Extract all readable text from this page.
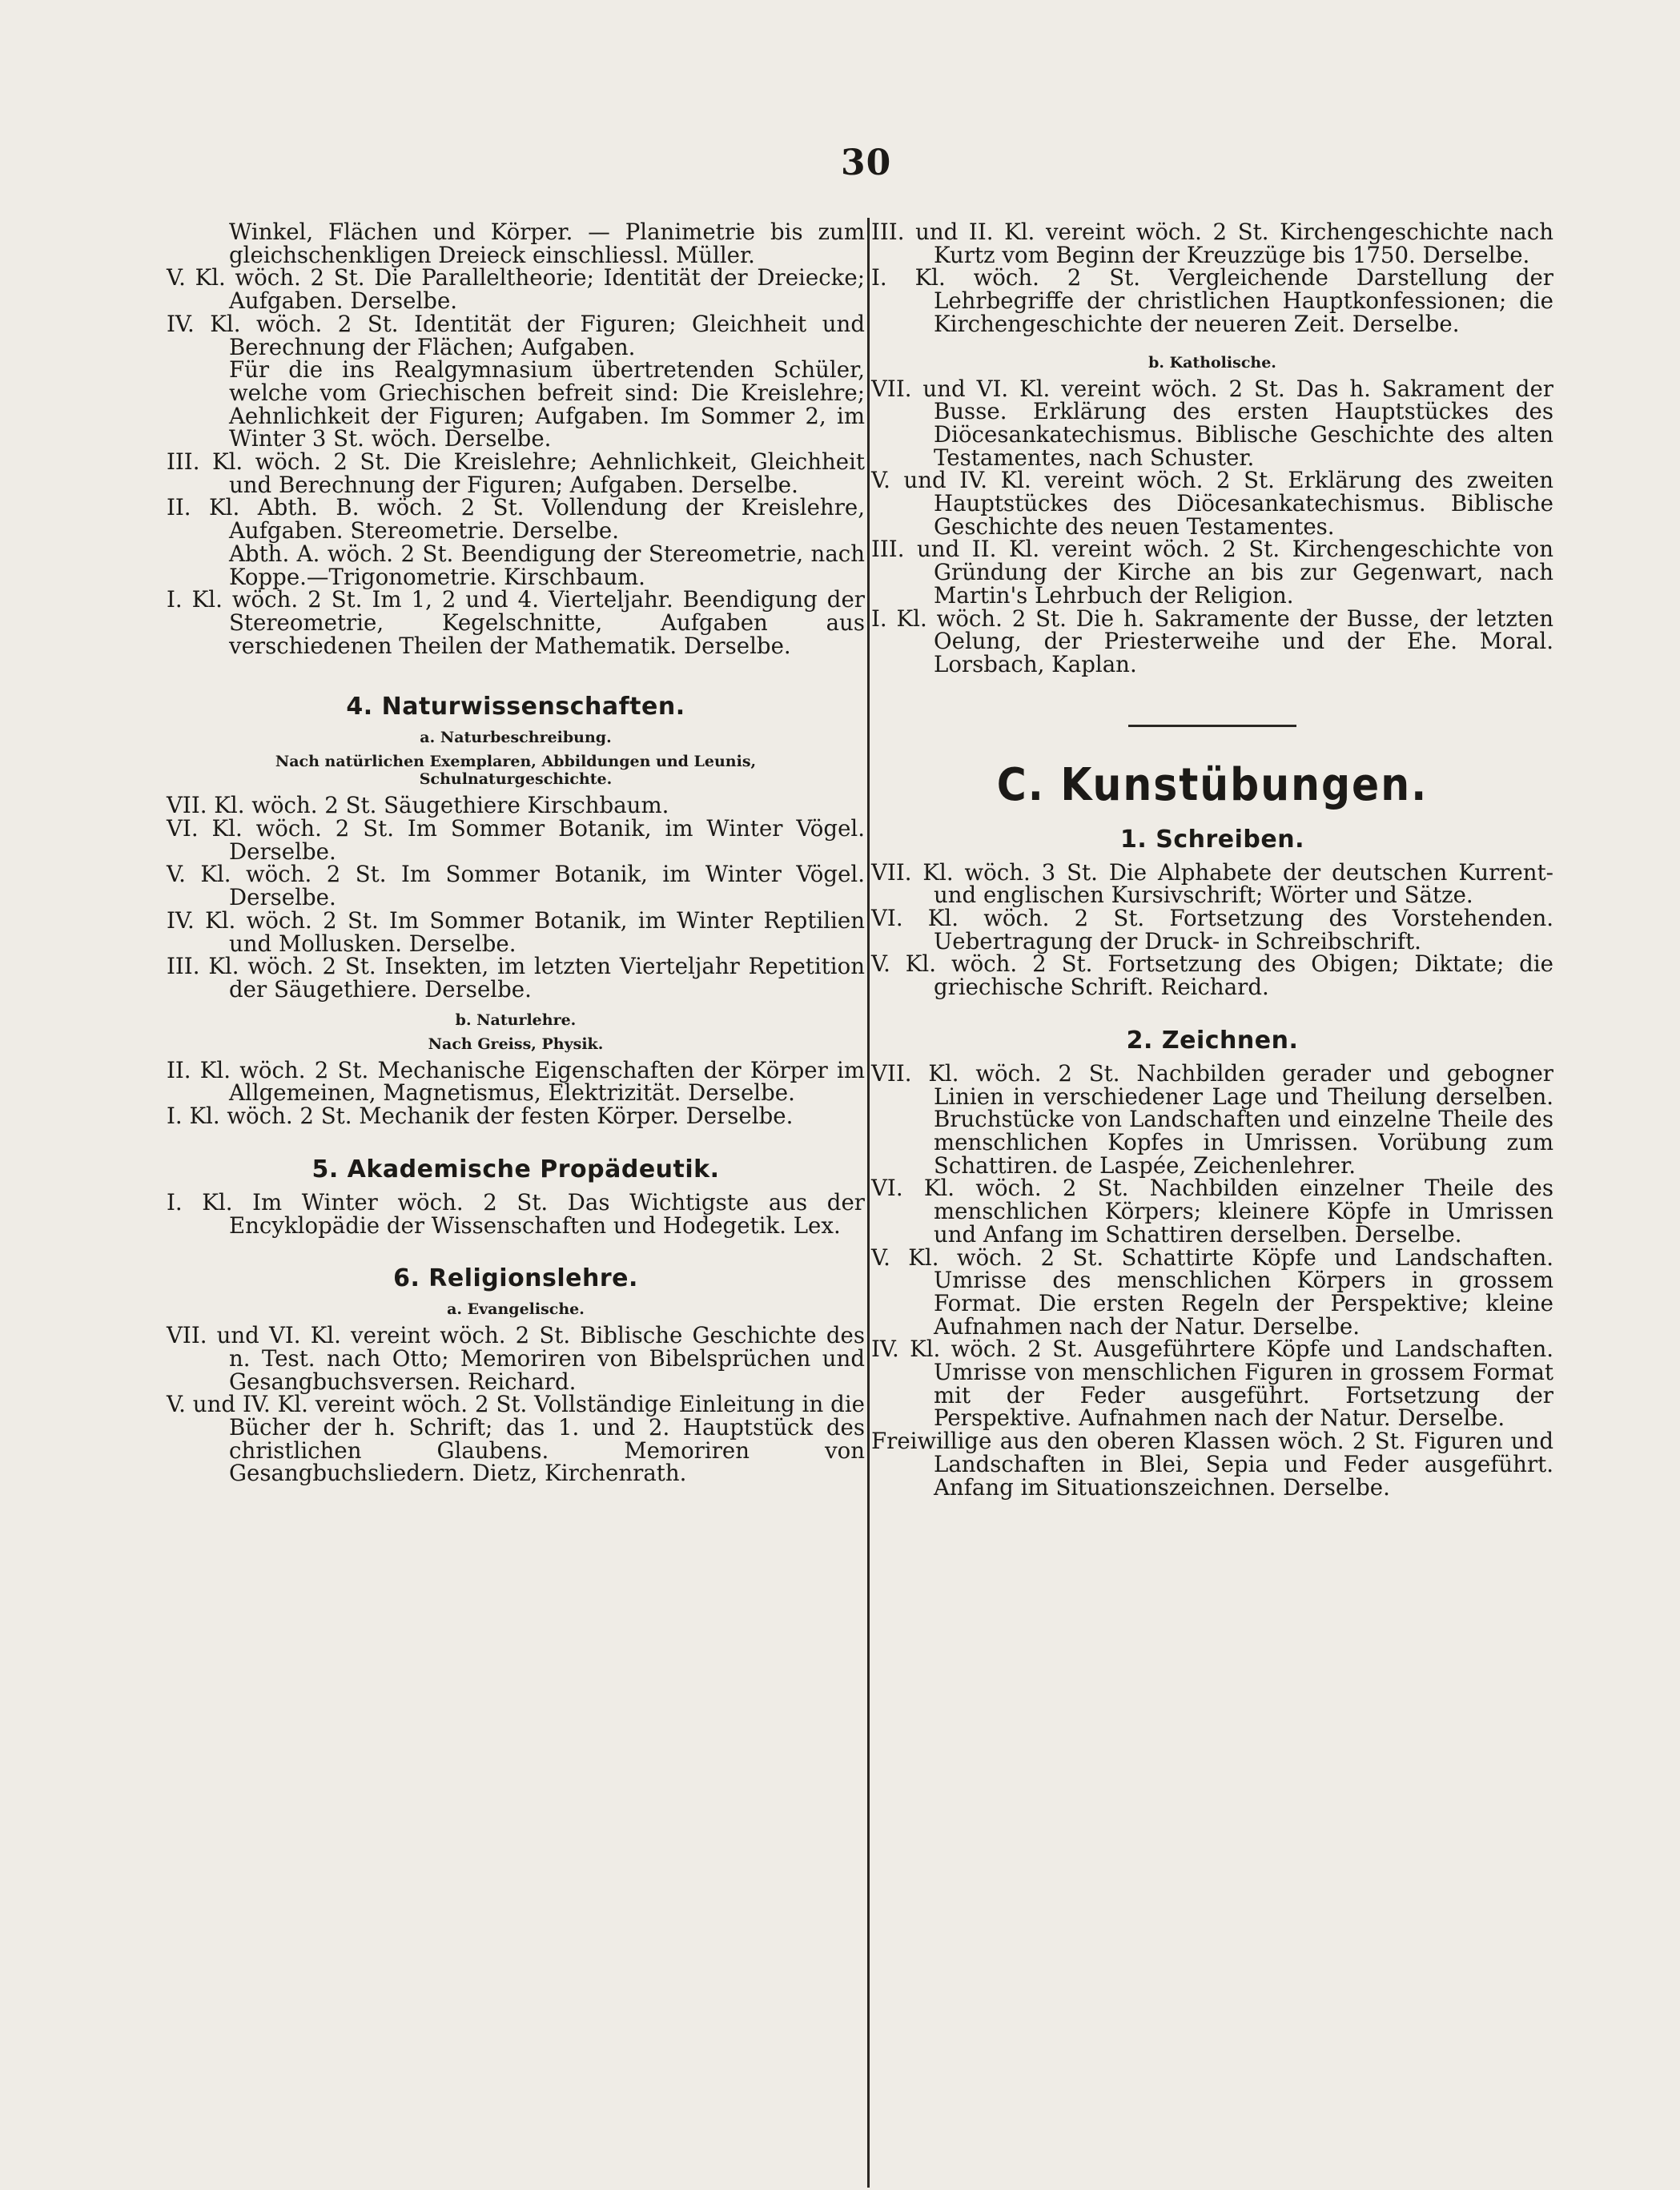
30

Winkel, Flächen und Körper. — Planimetrie bis zum gleichschenkligen Dreieck einschliessl. Müller.

V. Kl. wöch. 2 St. Die Paralleltheorie; Identität der Dreiecke; Aufgaben. Derselbe.

IV. Kl. wöch. 2 St. Identität der Figuren; Gleichheit und Berechnung der Flächen; Aufgaben.

Für die ins Realgymnasium übertretenden Schüler, welche vom Griechischen befreit sind: Die Kreislehre; Aehnlichkeit der Figuren; Aufgaben. Im Sommer 2, im Winter 3 St. wöch. Derselbe.

III. Kl. wöch. 2 St. Die Kreislehre; Aehnlichkeit, Gleichheit und Berechnung der Figuren; Aufgaben. Derselbe.

II. Kl. Abth. B. wöch. 2 St. Vollendung der Kreislehre, Aufgaben. Stereometrie. Derselbe.

Abth. A. wöch. 2 St. Beendigung der Stereometrie, nach Koppe.—Trigonometrie. Kirschbaum.

I. Kl. wöch. 2 St. Im 1, 2 und 4. Vierteljahr. Beendigung der Stereometrie, Kegelschnitte, Aufgaben aus verschiedenen Theilen der Mathematik. Derselbe.

4. Naturwissenschaften.
a. Naturbeschreibung.
Nach natürlichen Exemplaren, Abbildungen und Leunis, Schulnaturgeschichte.

VII. Kl. wöch. 2 St. Säugethiere Kirschbaum.

VI. Kl. wöch. 2 St. Im Sommer Botanik, im Winter Vögel. Derselbe.

V. Kl. wöch. 2 St. Im Sommer Botanik, im Winter Vögel. Derselbe.

IV. Kl. wöch. 2 St. Im Sommer Botanik, im Winter Reptilien und Mollusken. Derselbe.

III. Kl. wöch. 2 St. Insekten, im letzten Vierteljahr Repetition der Säugethiere. Derselbe.

b. Naturlehre.
Nach Greiss, Physik.

II. Kl. wöch. 2 St. Mechanische Eigenschaften der Körper im Allgemeinen, Magnetismus, Elektrizität. Derselbe.

I. Kl. wöch. 2 St. Mechanik der festen Körper. Derselbe.

5. Akademische Propädeutik.

I. Kl. Im Winter wöch. 2 St. Das Wichtigste aus der Encyklopädie der Wissenschaften und Hodegetik. Lex.

6. Religionslehre.
a. Evangelische.

VII. und VI. Kl. vereint wöch. 2 St. Biblische Geschichte des n. Test. nach Otto; Memoriren von Bibelsprüchen und Gesangbuchsversen. Reichard.

V. und IV. Kl. vereint wöch. 2 St. Vollständige Einleitung in die Bücher der h. Schrift; das 1. und 2. Hauptstück des christlichen Glaubens. Memoriren von Gesangbuchsliedern. Dietz, Kirchenrath.

III. und II. Kl. vereint wöch. 2 St. Kirchengeschichte nach Kurtz vom Beginn der Kreuzzüge bis 1750. Derselbe.

I. Kl. wöch. 2 St. Vergleichende Darstellung der Lehrbegriffe der christlichen Hauptkonfessionen; die Kirchengeschichte der neueren Zeit. Derselbe.

b. Katholische.

VII. und VI. Kl. vereint wöch. 2 St. Das h. Sakrament der Busse. Erklärung des ersten Hauptstückes des Diöcesankatechismus. Biblische Geschichte des alten Testamentes, nach Schuster.

V. und IV. Kl. vereint wöch. 2 St. Erklärung des zweiten Hauptstückes des Diöcesankatechismus. Biblische Geschichte des neuen Testamentes.

III. und II. Kl. vereint wöch. 2 St. Kirchengeschichte von Gründung der Kirche an bis zur Gegenwart, nach Martin's Lehrbuch der Religion.

I. Kl. wöch. 2 St. Die h. Sakramente der Busse, der letzten Oelung, der Priesterweihe und der Ehe. Moral. Lorsbach, Kaplan.

C. Kunstübungen.
1. Schreiben.

VII. Kl. wöch. 3 St. Die Alphabete der deutschen Kurrent- und englischen Kursivschrift; Wörter und Sätze.

VI. Kl. wöch. 2 St. Fortsetzung des Vorstehenden. Uebertragung der Druck- in Schreibschrift.

V. Kl. wöch. 2 St. Fortsetzung des Obigen; Diktate; die griechische Schrift. Reichard.

2. Zeichnen.

VII. Kl. wöch. 2 St. Nachbilden gerader und gebogner Linien in verschiedener Lage und Theilung derselben. Bruchstücke von Landschaften und einzelne Theile des menschlichen Kopfes in Umrissen. Vorübung zum Schattiren. de Laspée, Zeichenlehrer.

VI. Kl. wöch. 2 St. Nachbilden einzelner Theile des menschlichen Körpers; kleinere Köpfe in Umrissen und Anfang im Schattiren derselben. Derselbe.

V. Kl. wöch. 2 St. Schattirte Köpfe und Landschaften. Umrisse des menschlichen Körpers in grossem Format. Die ersten Regeln der Perspektive; kleine Aufnahmen nach der Natur. Derselbe.

IV. Kl. wöch. 2 St. Ausgeführtere Köpfe und Landschaften. Umrisse von menschlichen Figuren in grossem Format mit der Feder ausgeführt. Fortsetzung der Perspektive. Aufnahmen nach der Natur. Derselbe.

Freiwillige aus den oberen Klassen wöch. 2 St. Figuren und Landschaften in Blei, Sepia und Feder ausgeführt. Anfang im Situationszeichnen. Derselbe.
